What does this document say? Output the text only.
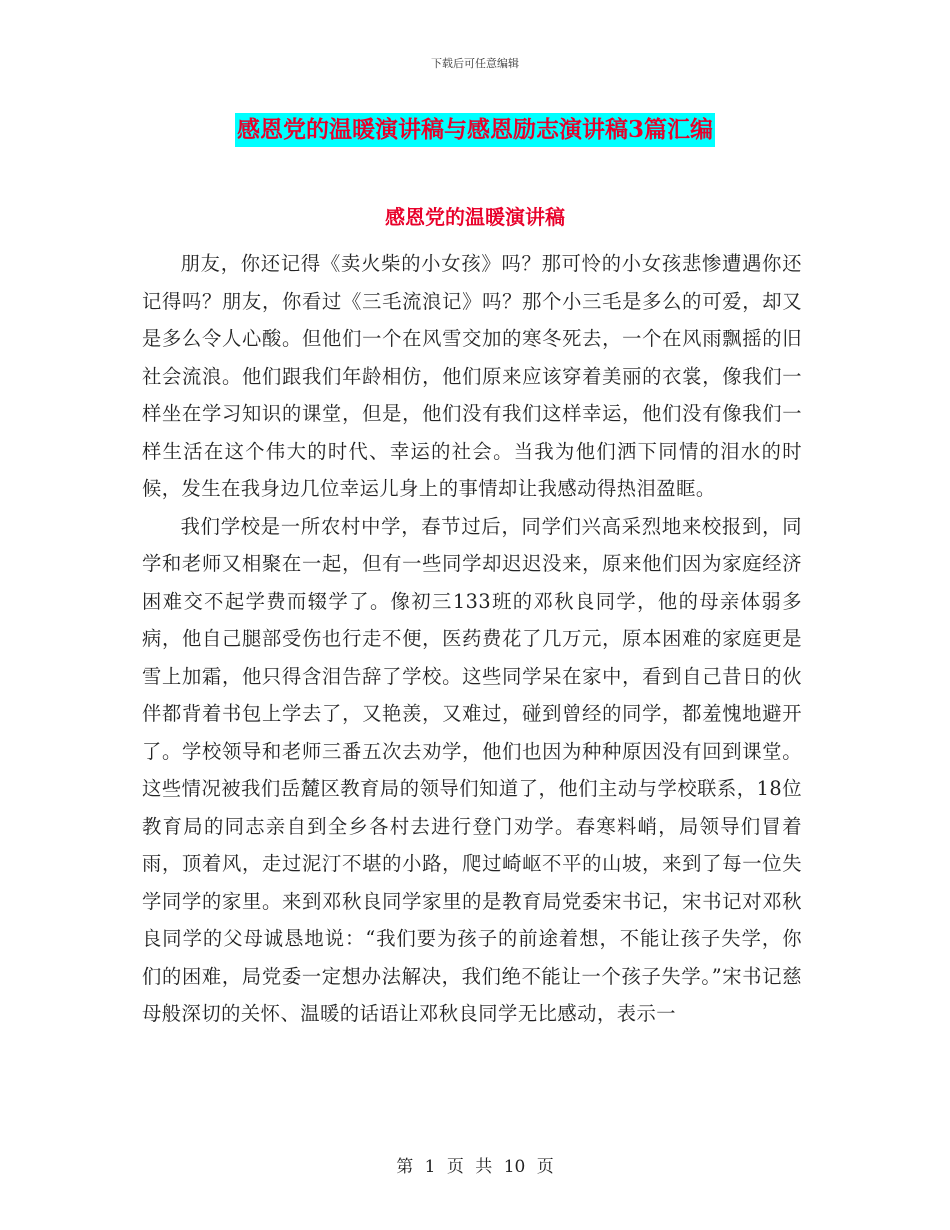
下载后可任意编辑
感恩党的温暖演讲稿与感恩励志演讲稿3篇汇编
感恩党的温暖演讲稿

朋友，你还记得《卖火柴的小女孩》吗？那可怜的小女孩悲惨遭遇你还记得吗？朋友，你看过《三毛流浪记》吗？那个小三毛是多么的可爱，却又是多么令人心酸。但他们一个在风雪交加的寒冬死去，一个在风雨飘摇的旧社会流浪。他们跟我们年龄相仿，他们原来应该穿着美丽的衣裳，像我们一样坐在学习知识的课堂，但是，他们没有我们这样幸运，他们没有像我们一样生活在这个伟大的时代、幸运的社会。当我为他们洒下同情的泪水的时候，发生在我身边几位幸运儿身上的事情却让我感动得热泪盈眶。

我们学校是一所农村中学，春节过后，同学们兴高采烈地来校报到，同学和老师又相聚在一起，但有一些同学却迟迟没来，原来他们因为家庭经济困难交不起学费而辍学了。像初三133班的邓秋良同学，他的母亲体弱多病，他自己腿部受伤也行走不便，医药费花了几万元，原本困难的家庭更是雪上加霜，他只得含泪告辞了学校。这些同学呆在家中，看到自己昔日的伙伴都背着书包上学去了，又艳羡，又难过，碰到曾经的同学，都羞愧地避开了。学校领导和老师三番五次去劝学，他们也因为种种原因没有回到课堂。这些情况被我们岳麓区教育局的领导们知道了，他们主动与学校联系，18位教育局的同志亲自到全乡各村去进行登门劝学。春寒料峭，局领导们冒着雨，顶着风，走过泥汀不堪的小路，爬过崎岖不平的山坡，来到了每一位失学同学的家里。来到邓秋良同学家里的是教育局党委宋书记，宋书记对邓秋良同学的父母诚恳地说：“我们要为孩子的前途着想，不能让孩子失学，你们的困难，局党委一定想办法解决，我们绝不能让一个孩子失学。”宋书记慈母般深切的关怀、温暖的话语让邓秋良同学无比感动，表示一

第 1 页 共 10 页
